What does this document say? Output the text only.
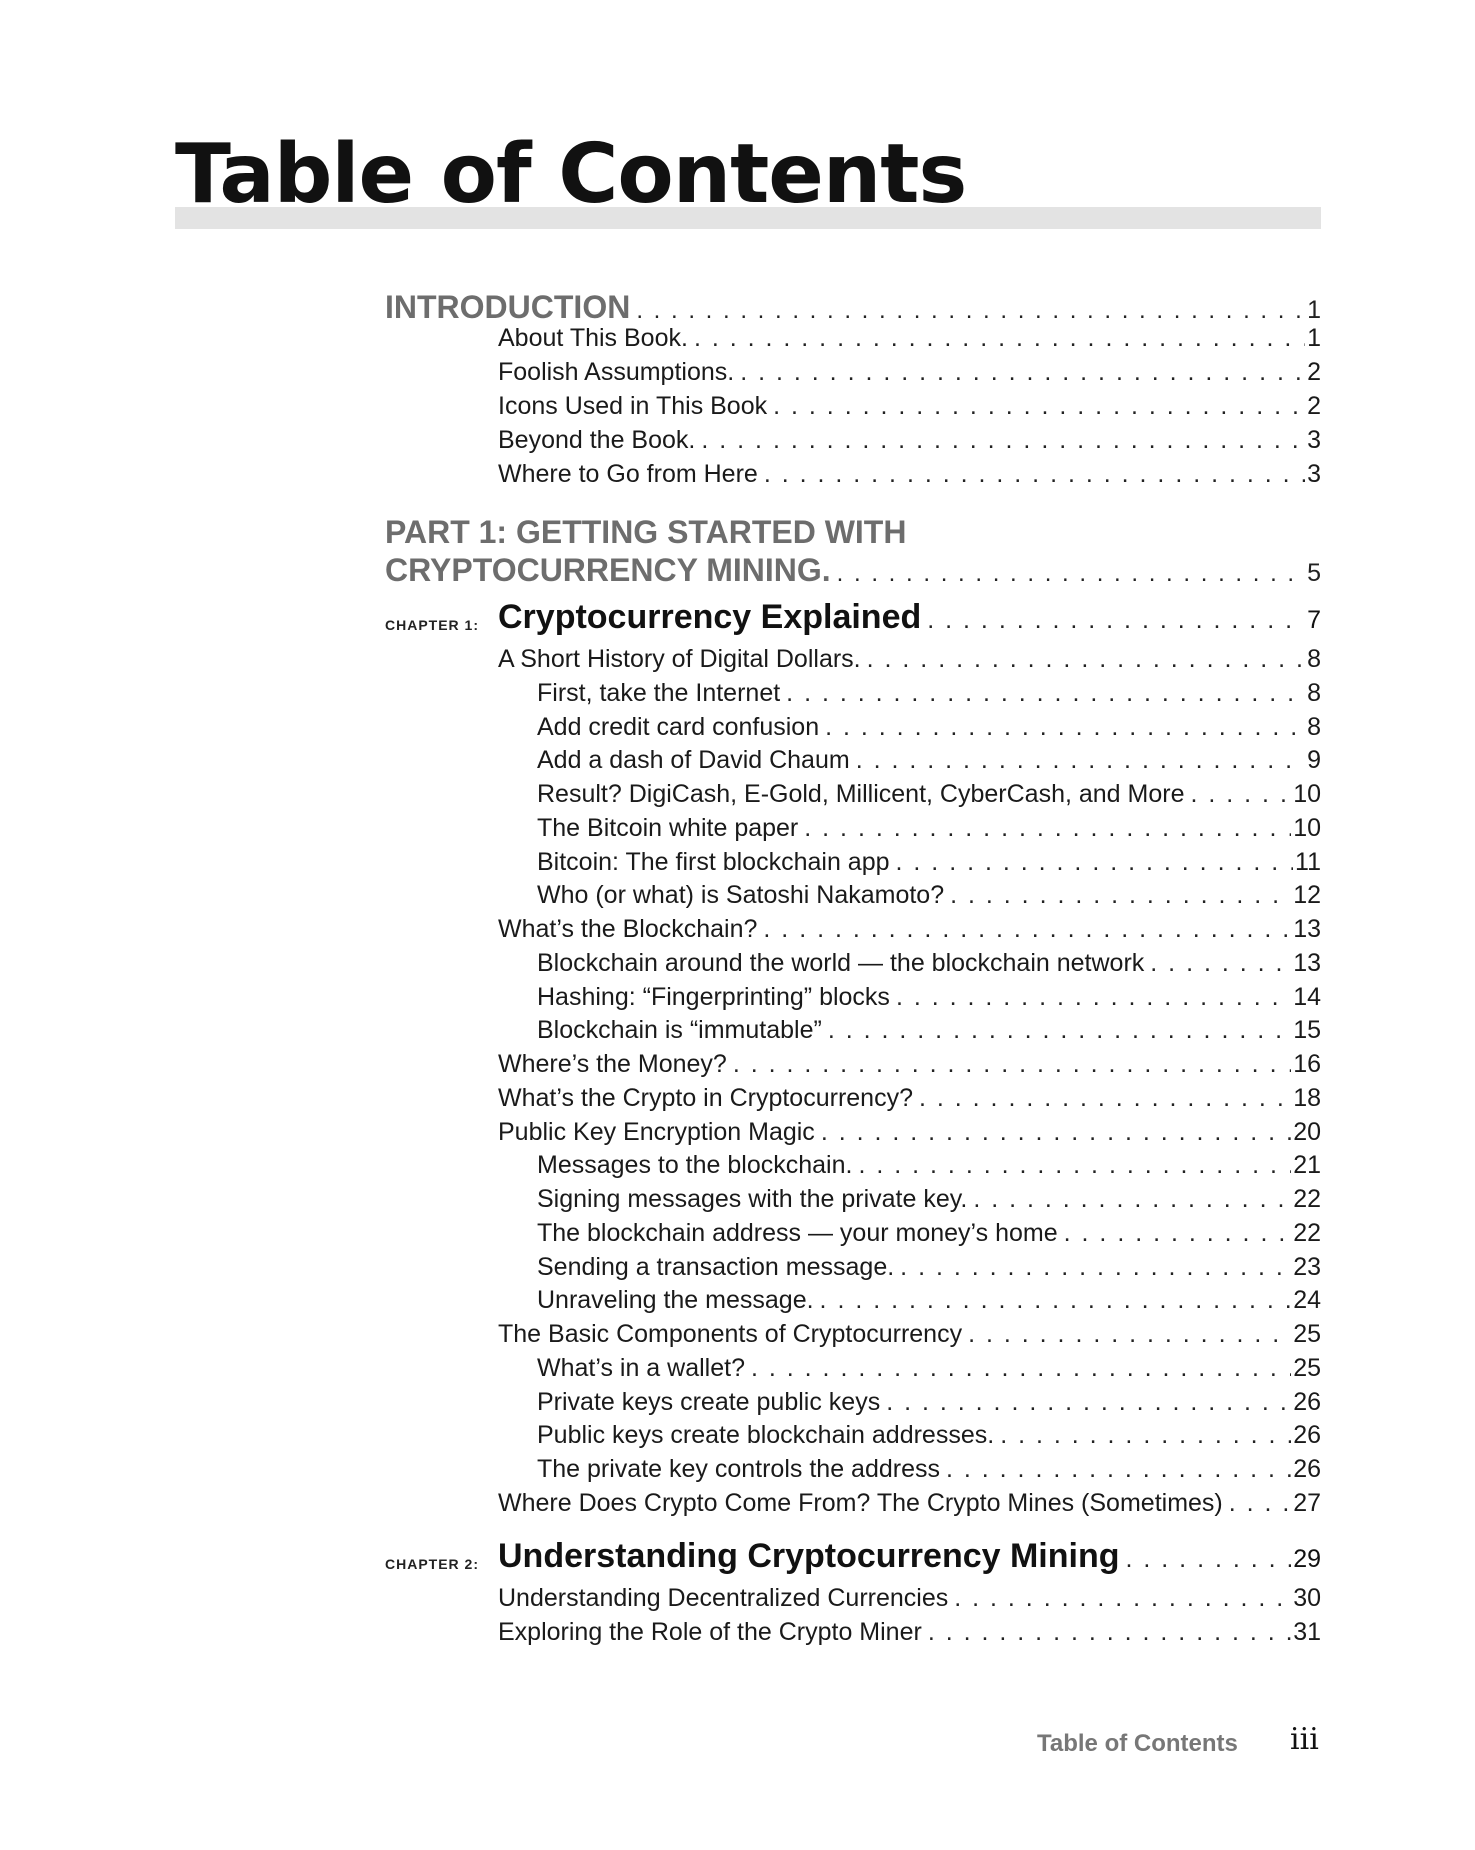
Table of Contents
INTRODUCTION . . .	1
About This Book. . . .	1
Foolish Assumptions. . . .	2
Icons Used in This Book . . .	2
Beyond the Book. . . .	3
Where to Go from Here . . .	3
PART 1: GETTING STARTED WITH
CRYPTOCURRENCY MINING. . . .	5
CHAPTER 1: Cryptocurrency Explained . . .	7
A Short History of Digital Dollars. . . .	8
First, take the Internet . . .	8
Add credit card confusion . . .	8
Add a dash of David Chaum . . .	9
Result? DigiCash, E-Gold, Millicent, CyberCash, and More . . .	10
The Bitcoin white paper . . .	10
Bitcoin: The first blockchain app . . .	11
Who (or what) is Satoshi Nakamoto? . . .	12
What’s the Blockchain? . . .	13
Blockchain around the world — the blockchain network . . .	13
Hashing: “Fingerprinting” blocks . . .	14
Blockchain is “immutable” . . .	15
Where’s the Money? . . .	16
What’s the Crypto in Cryptocurrency? . . .	18
Public Key Encryption Magic . . .	20
Messages to the blockchain. . . .	21
Signing messages with the private key. . . .	22
The blockchain address — your money’s home . . .	22
Sending a transaction message. . . .	23
Unraveling the message. . . .	24
The Basic Components of Cryptocurrency . . .	25
What’s in a wallet? . . .	25
Private keys create public keys . . .	26
Public keys create blockchain addresses. . . .	26
The private key controls the address . . .	26
Where Does Crypto Come From? The Crypto Mines (Sometimes) . . .	27
CHAPTER 2: Understanding Cryptocurrency Mining . . .	29
Understanding Decentralized Currencies . . .	30
Exploring the Role of the Crypto Miner . . .	31
Table of Contents iii
